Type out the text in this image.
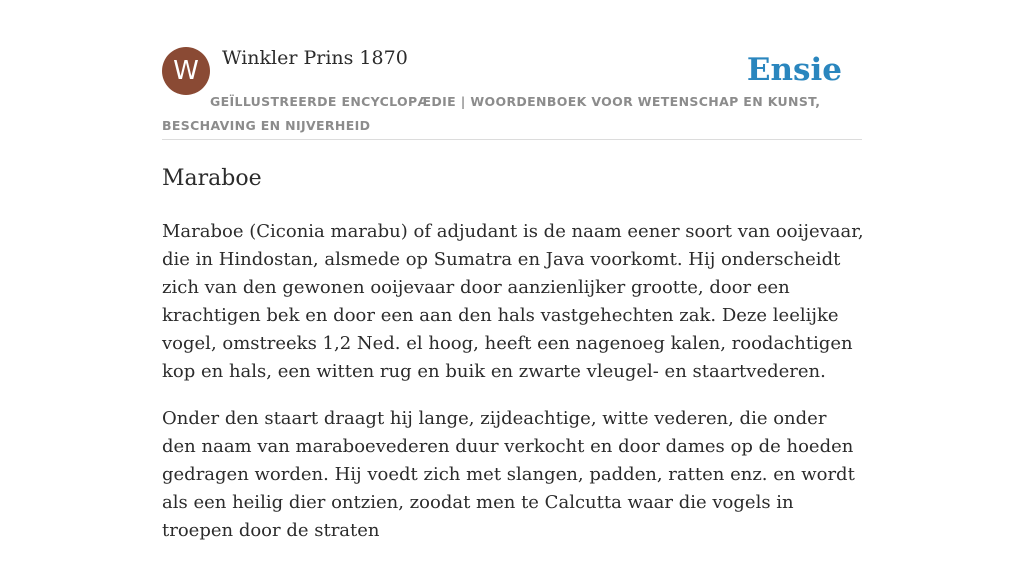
W	Winkler Prins 1870	Ensie

GEÏLLUSTREERDE ENCYCLOPÆDIE | WOORDENBOEK VOOR WETENSCHAP EN KUNST, BESCHAVING EN NIJVERHEID

Maraboe

Maraboe (Ciconia marabu) of adjudant is de naam eener soort van ooijevaar, die in Hindostan, alsmede op Sumatra en Java voorkomt. Hij onderscheidt zich van den gewonen ooijevaar door aanzienlijker grootte, door een krachtigen bek en door een aan den hals vastgehechten zak. Deze leelijke vogel, omstreeks 1,2 Ned. el hoog, heeft een nagenoeg kalen, roodachtigen kop en hals, een witten rug en buik en zwarte vleugel- en staartvederen.

Onder den staart draagt hij lange, zijdeachtige, witte vederen, die onder den naam van maraboevederen duur verkocht en door dames op de hoeden gedragen worden. Hij voedt zich met slangen, padden, ratten enz. en wordt als een heilig dier ontzien, zoodat men te Calcutta waar die vogels in troepen door de straten
